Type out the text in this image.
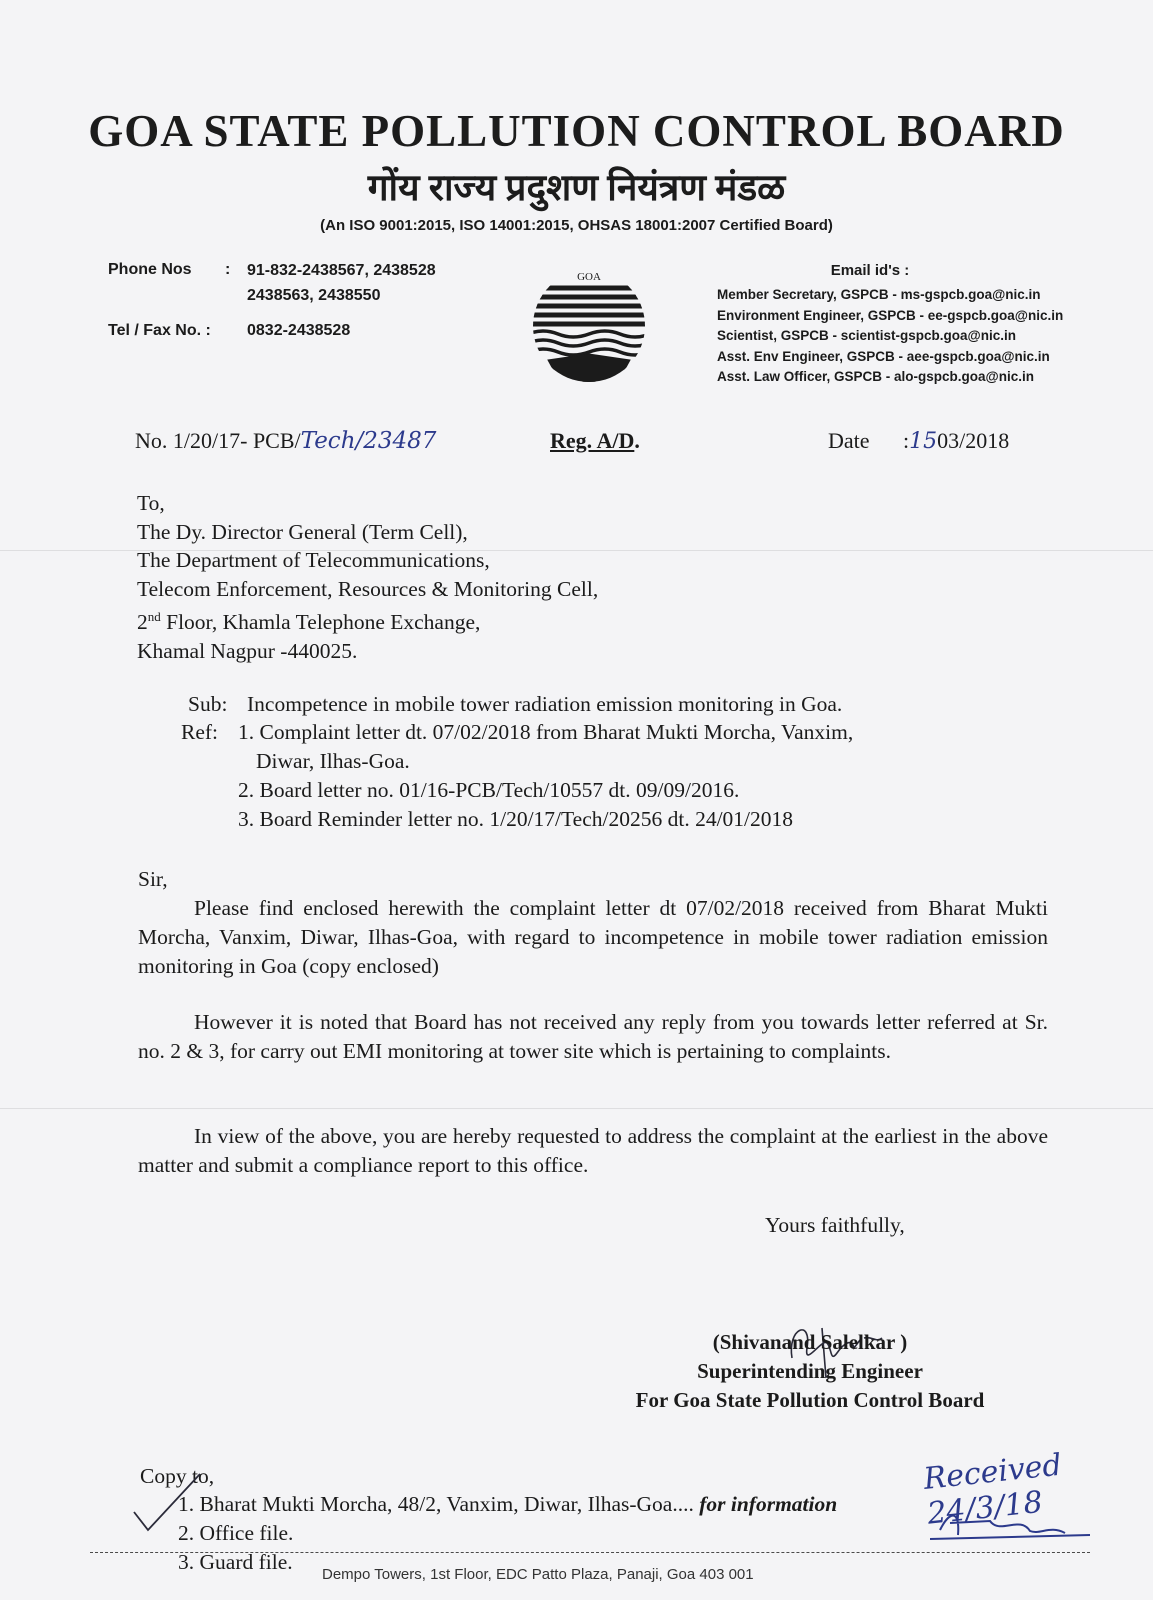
GOA STATE POLLUTION CONTROL BOARD
गोंय राज्य प्रदुशण नियंत्रण मंडळ
(An ISO 9001:2015, ISO 14001:2015, OHSAS 18001:2007 Certified Board)
Phone Nos : 91-832-2438567, 2438528
2438563, 2438550
Tel / Fax No. : 0832-2438528
GOA	Email id's :
Member Secretary, GSPCB - ms-gspcb.goa@nic.in
Environment Engineer, GSPCB - ee-gspcb.goa@nic.in
Scientist, GSPCB - scientist-gspcb.goa@nic.in
Asst. Env Engineer, GSPCB - aee-gspcb.goa@nic.in
Asst. Law Officer, GSPCB - alo-gspcb.goa@nic.in
No. 1/20/17- PCB/Tech/23487	Reg. A/D.	Date :1503/2018
To,
The Dy. Director General (Term Cell),
The Department of Telecommunications,
Telecom Enforcement, Resources & Monitoring Cell,
2nd Floor, Khamla Telephone Exchange,
Khamal Nagpur -440025.
Sub: Incompetence in mobile tower radiation emission monitoring in Goa.
Ref: 1. Complaint letter dt. 07/02/2018 from Bharat Mukti Morcha, Vanxim,
Diwar, Ilhas-Goa.
2. Board letter no. 01/16-PCB/Tech/10557 dt. 09/09/2016.
3. Board Reminder letter no. 1/20/17/Tech/20256 dt. 24/01/2018
Sir,

Please find enclosed herewith the complaint letter dt 07/02/2018 received from Bharat Mukti Morcha, Vanxim, Diwar, Ilhas-Goa, with regard to incompetence in mobile tower radiation emission monitoring in Goa (copy enclosed)

However it is noted that Board has not received any reply from you towards letter referred at Sr. no. 2 & 3, for carry out EMI monitoring at tower site which is pertaining to complaints.

In view of the above, you are hereby requested to address the complaint at the earliest in the above matter and submit a compliance report to this office.

Yours faithfully,
(Shivanand Salelkar )
Superintending Engineer
For Goa State Pollution Control Board
Copy to,
1. Bharat Mukti Morcha, 48/2, Vanxim, Diwar, Ilhas-Goa.... for information
2. Office file.
3. Guard file.
Received 24/3/18
Dempo Towers, 1st Floor, EDC Patto Plaza, Panaji, Goa 403 001
